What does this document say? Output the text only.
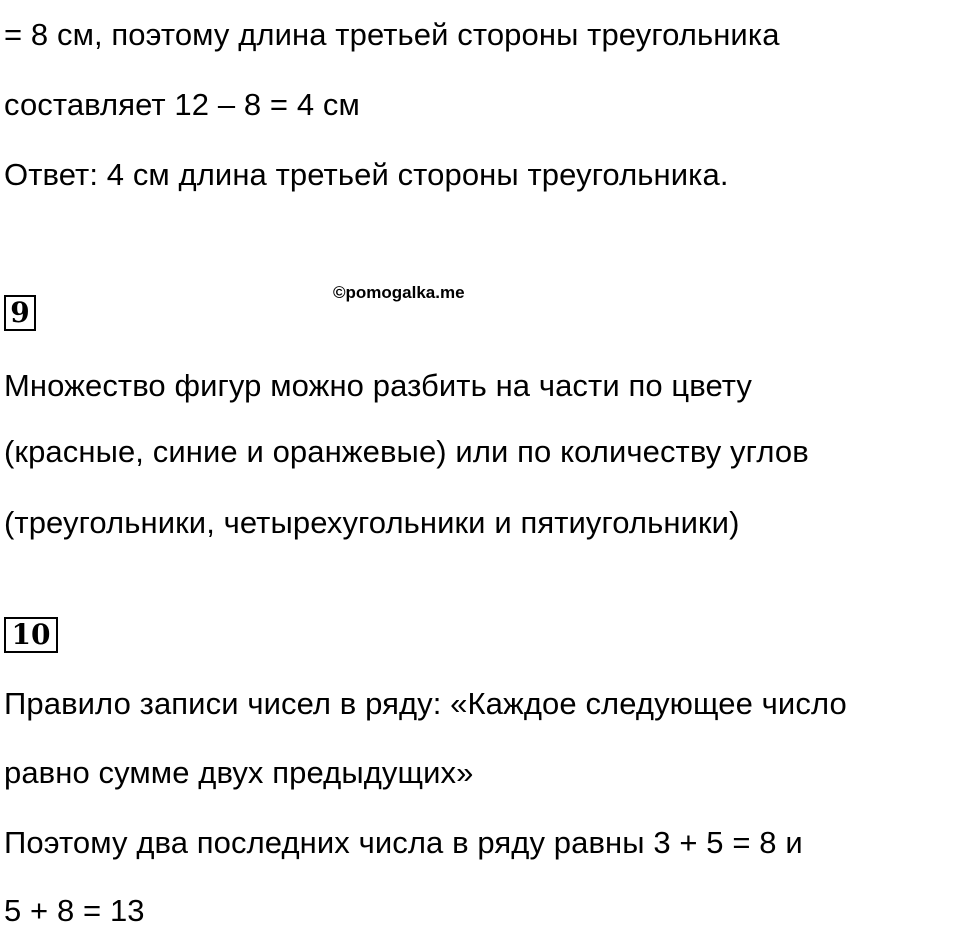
= 8 см, поэтому длина третьей стороны треугольника
составляет 12 – 8 = 4 см
Ответ: 4 см длина третьей стороны треугольника.
©pomogalka.me
9
Множество фигур можно разбить на части по цвету
(красные, синие и оранжевые) или по количеству углов
(треугольники, четырехугольники и пятиугольники)
10
Правило записи чисел в ряду: «Каждое следующее число
равно сумме двух предыдущих»
Поэтому два последних числа в ряду равны 3 + 5 = 8 и
5 + 8 = 13
